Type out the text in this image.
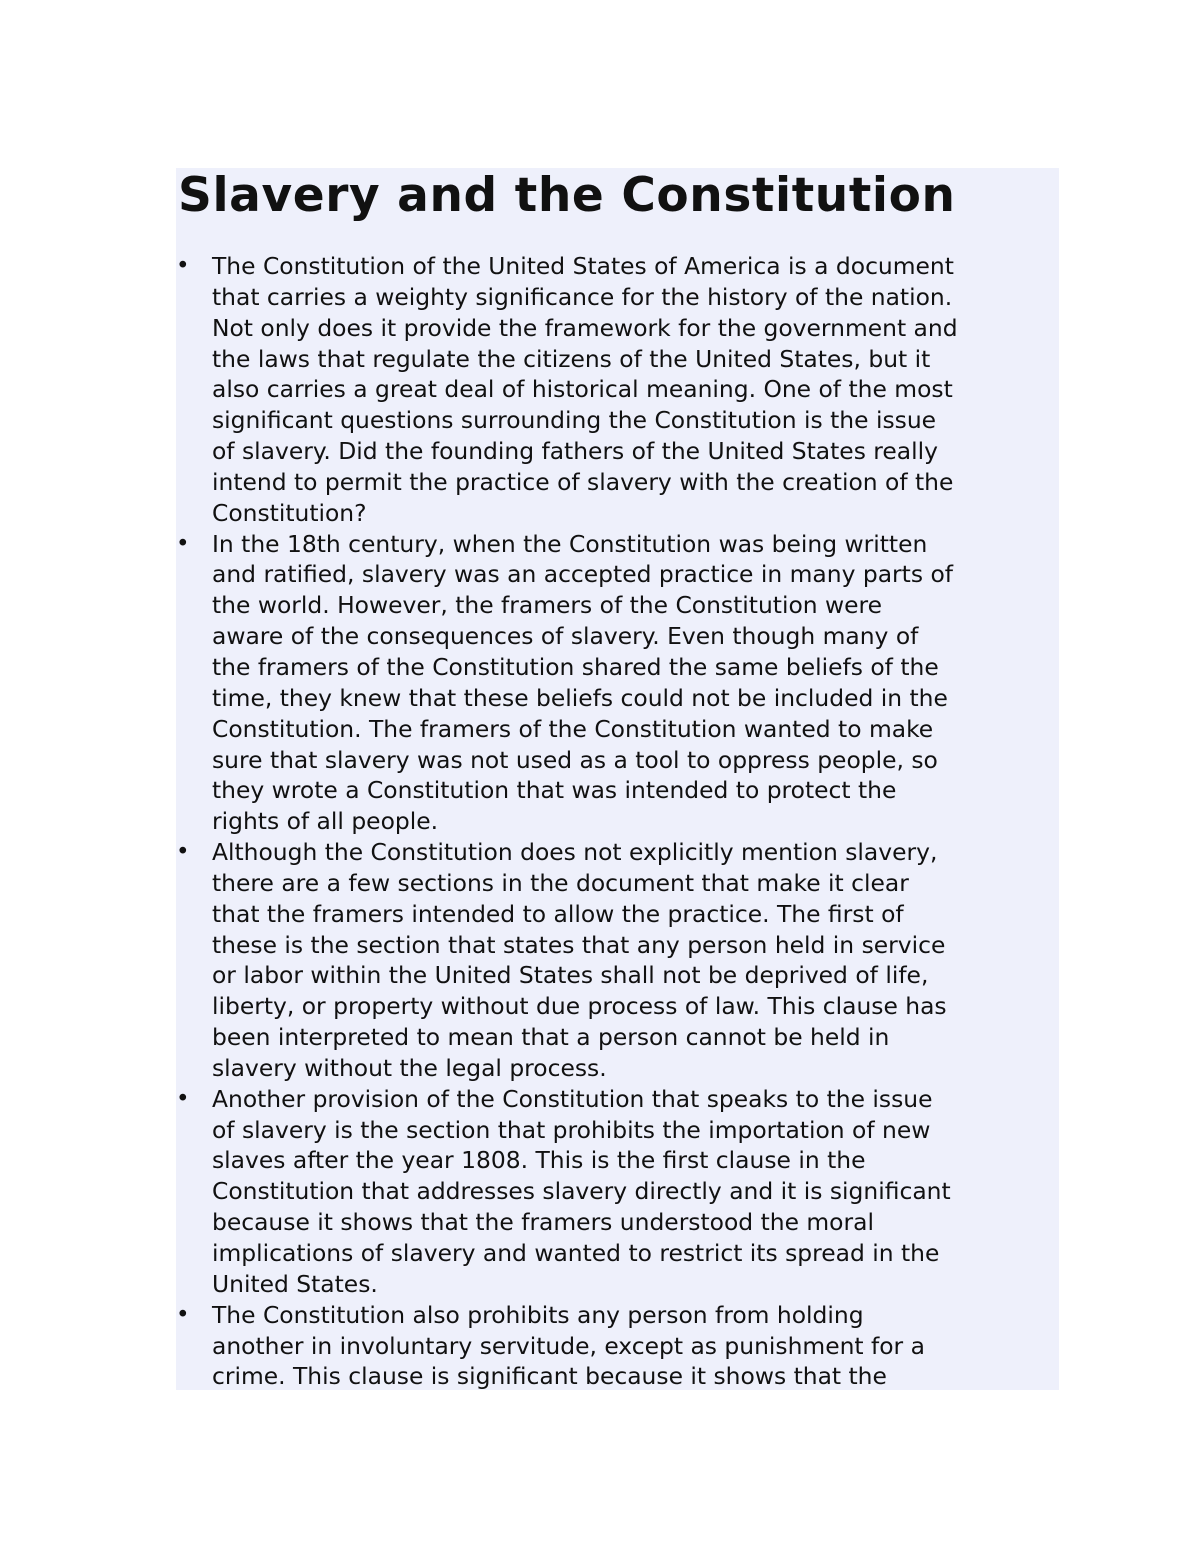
Slavery and the Constitution
• The Constitution of the United States of America is a document
that carries a weighty significance for the history of the nation.
Not only does it provide the framework for the government and
the laws that regulate the citizens of the United States, but it
also carries a great deal of historical meaning. One of the most
significant questions surrounding the Constitution is the issue
of slavery. Did the founding fathers of the United States really
intend to permit the practice of slavery with the creation of the
Constitution?
• In the 18th century, when the Constitution was being written
and ratified, slavery was an accepted practice in many parts of
the world. However, the framers of the Constitution were
aware of the consequences of slavery. Even though many of
the framers of the Constitution shared the same beliefs of the
time, they knew that these beliefs could not be included in the
Constitution. The framers of the Constitution wanted to make
sure that slavery was not used as a tool to oppress people, so
they wrote a Constitution that was intended to protect the
rights of all people.
• Although the Constitution does not explicitly mention slavery,
there are a few sections in the document that make it clear
that the framers intended to allow the practice. The first of
these is the section that states that any person held in service
or labor within the United States shall not be deprived of life,
liberty, or property without due process of law. This clause has
been interpreted to mean that a person cannot be held in
slavery without the legal process.
• Another provision of the Constitution that speaks to the issue
of slavery is the section that prohibits the importation of new
slaves after the year 1808. This is the first clause in the
Constitution that addresses slavery directly and it is significant
because it shows that the framers understood the moral
implications of slavery and wanted to restrict its spread in the
United States.
• The Constitution also prohibits any person from holding
another in involuntary servitude, except as punishment for a
crime. This clause is significant because it shows that the
